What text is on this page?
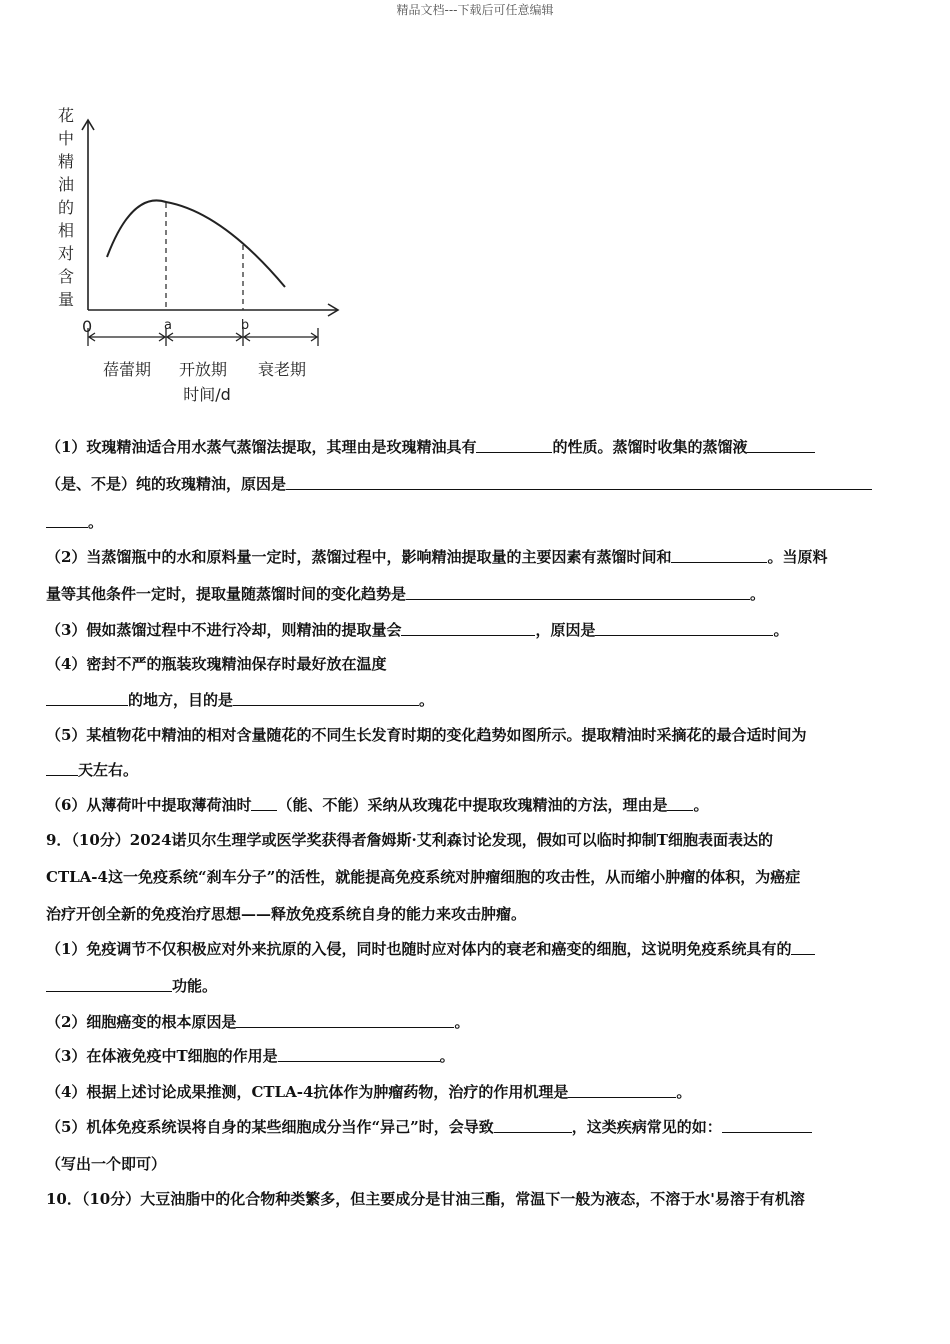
精品文档---下载后可任意编辑
花
中
精
油
的
相
对
含
量
0	a	b
蓓蕾期 开放期 衰老期
时间/d
（1）玫瑰精油适合用水蒸气蒸馏法提取，其理由是玫瑰精油具有	的性质。蒸馏时收集的蒸馏液
（是、不是）纯的玫瑰精油，原因是
。
（2）当蒸馏瓶中的水和原料量一定时，蒸馏过程中，影响精油提取量的主要因素有蒸馏时间和	。当原料
量等其他条件一定时，提取量随蒸馏时间的变化趋势是	。
（3）假如蒸馏过程中不进行冷却，则精油的提取量会	，原因是	。
（4）密封不严的瓶装玫瑰精油保存时最好放在温度
的地方，目的是	。
（5）某植物花中精油的相对含量随花的不同生长发育时期的变化趋势如图所示。提取精油时采摘花的最合适时间为
天左右。
（6）从薄荷叶中提取薄荷油时 （能、不能）采纳从玫瑰花中提取玫瑰精油的方法，理由是 。
9．（10分）2024诺贝尔生理学或医学奖获得者詹姆斯·艾利森讨论发现，假如可以临时抑制T细胞表面表达的
CTLA-4这一免疫系统“刹车分子”的活性，就能提高免疫系统对肿瘤细胞的攻击性，从而缩小肿瘤的体积，为癌症
治疗开创全新的免疫治疗思想——释放免疫系统自身的能力来攻击肿瘤。
（1）免疫调节不仅积极应对外来抗原的入侵，同时也随时应对体内的衰老和癌变的细胞，这说明免疫系统具有的
功能。
（2）细胞癌变的根本原因是	。
（3）在体液免疫中T细胞的作用是	。
（4）根据上述讨论成果推测，CTLA-4抗体作为肿瘤药物，治疗的作用机理是	。
（5）机体免疫系统误将自身的某些细胞成分当作“异己”时，会导致	，这类疾病常见的如：
（写出一个即可）
10．（10分）大豆油脂中的化合物种类繁多，但主要成分是甘油三酯，常温下一般为液态，不溶于水'易溶于有机溶
